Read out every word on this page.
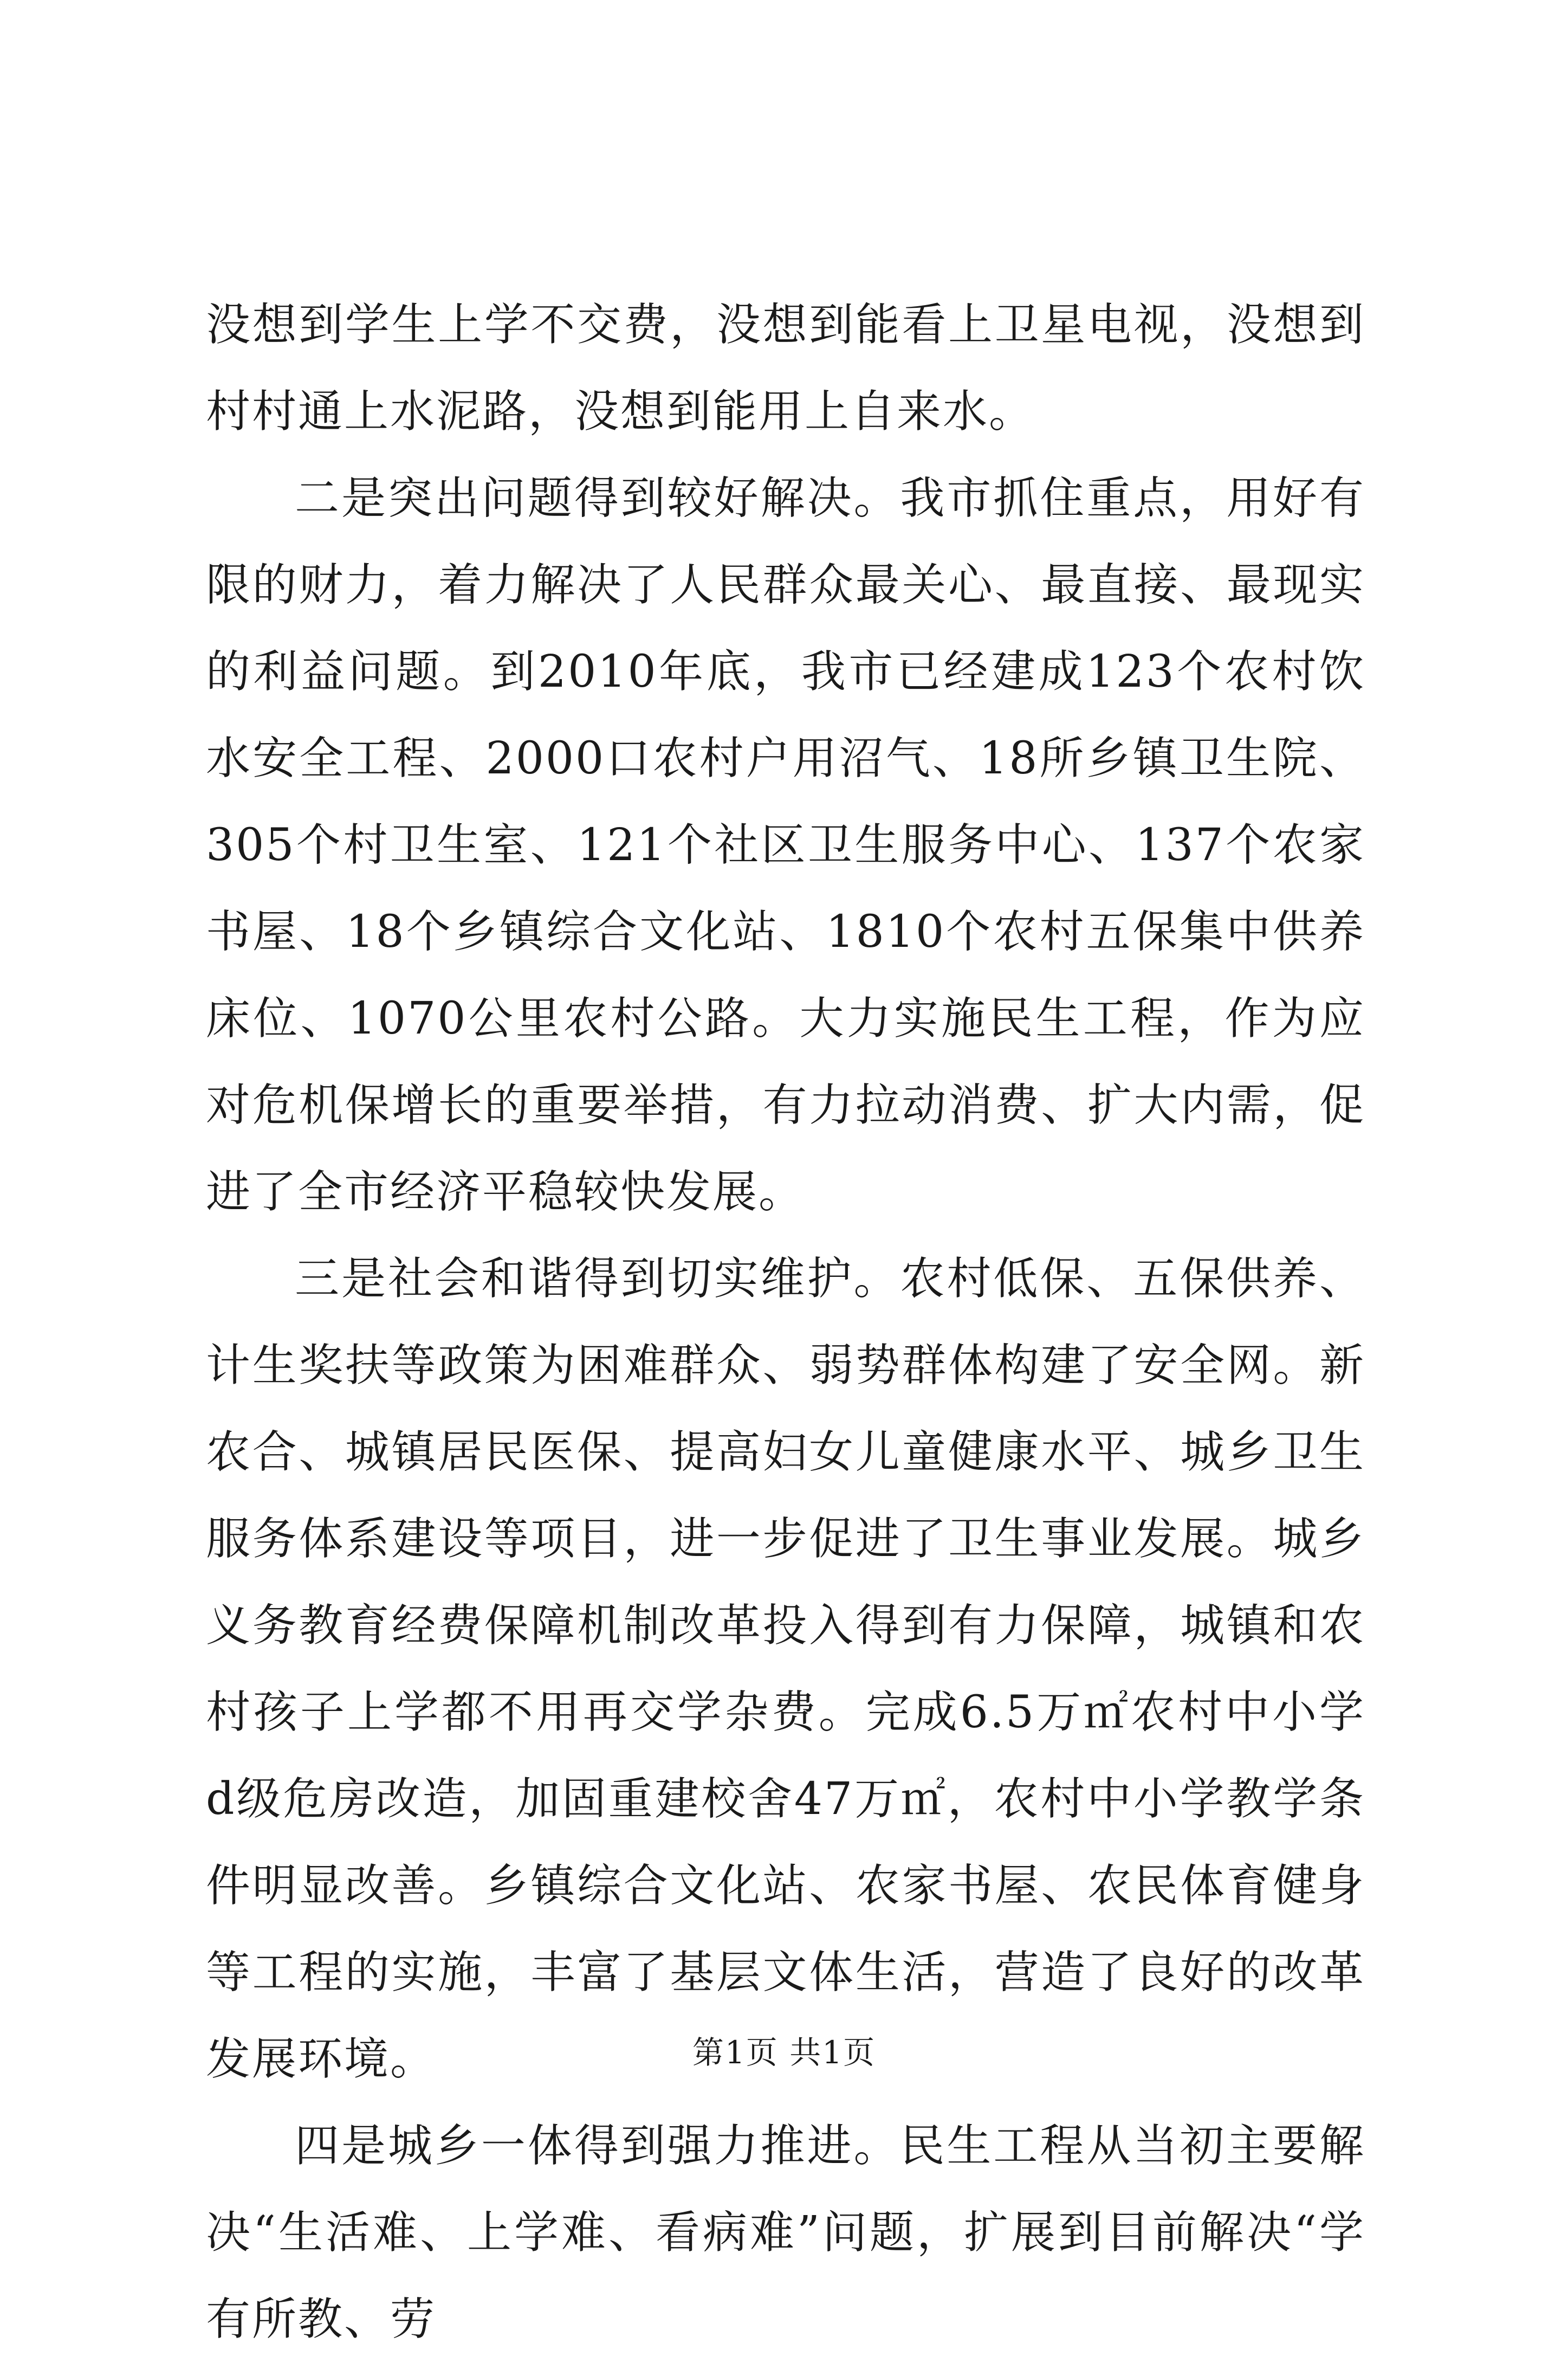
没想到学生上学不交费，没想到能看上卫星电视，没想到村村通上水泥路，没想到能用上自来水。

二是突出问题得到较好解决。我市抓住重点，用好有限的财力，着力解决了人民群众最关心、最直接、最现实的利益问题。到2010年底，我市已经建成123个农村饮水安全工程、2000口农村户用沼气、18所乡镇卫生院、305个村卫生室、121个社区卫生服务中心、137个农家书屋、18个乡镇综合文化站、1810个农村五保集中供养床位、1070公里农村公路。大力实施民生工程，作为应对危机保增长的重要举措，有力拉动消费、扩大内需，促进了全市经济平稳较快发展。

三是社会和谐得到切实维护。农村低保、五保供养、计生奖扶等政策为困难群众、弱势群体构建了安全网。新农合、城镇居民医保、提高妇女儿童健康水平、城乡卫生服务体系建设等项目，进一步促进了卫生事业发展。城乡义务教育经费保障机制改革投入得到有力保障，城镇和农村孩子上学都不用再交学杂费。完成6.5万㎡农村中小学d级危房改造，加固重建校舍47万㎡，农村中小学教学条件明显改善。乡镇综合文化站、农家书屋、农民体育健身等工程的实施，丰富了基层文体生活，营造了良好的改革发展环境。

四是城乡一体得到强力推进。民生工程从当初主要解决“生活难、上学难、看病难”问题，扩展到目前解决“学有所教、劳

第1页 共1页
